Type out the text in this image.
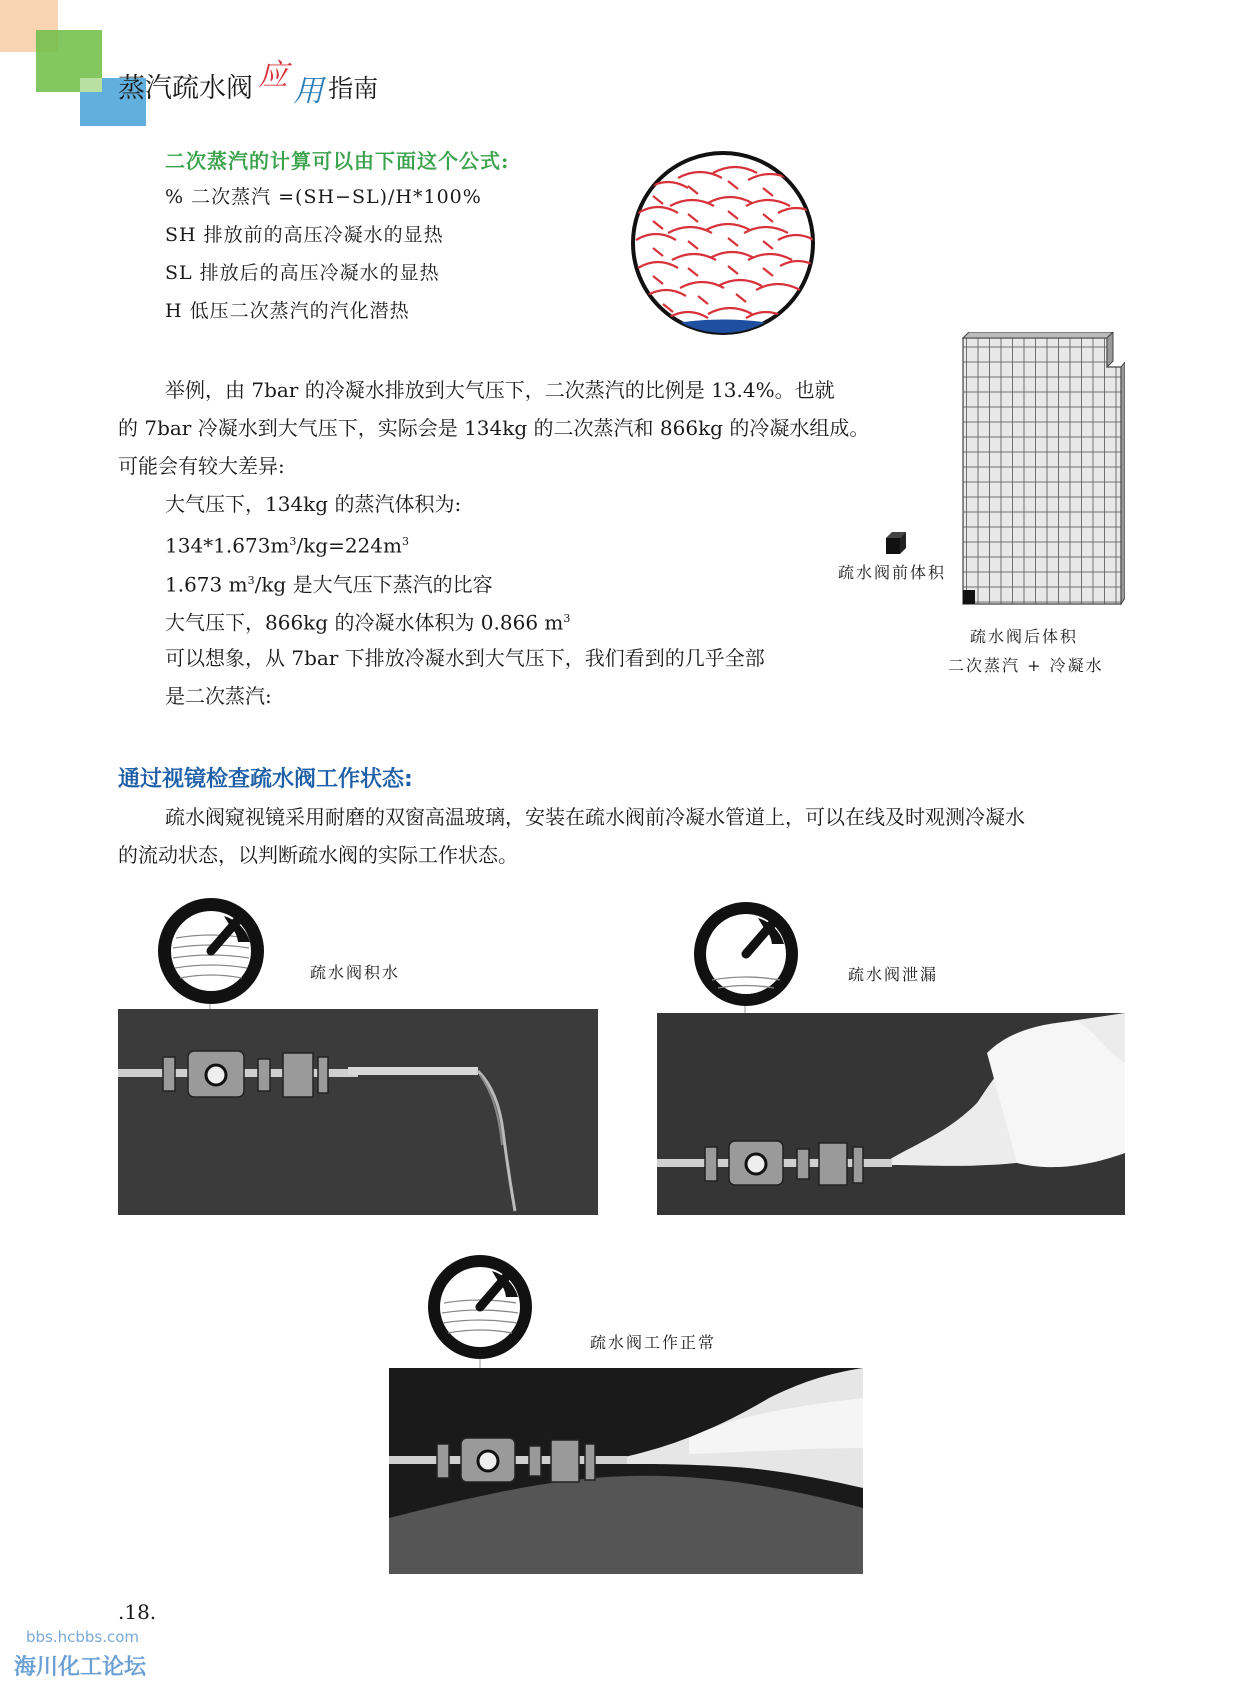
蒸汽疏水阀 应 用 指南
二次蒸汽的计算可以由下面这个公式:
% 二次蒸汽 =(SH−SL)/H*100%
SH 排放前的高压冷凝水的显热
SL 排放后的高压冷凝水的显热
H 低压二次蒸汽的汽化潜热
举例，由 7bar 的冷凝水排放到大气压下，二次蒸汽的比例是 13.4%。也就
的 7bar 冷凝水到大气压下，实际会是 134kg 的二次蒸汽和 866kg 的冷凝水组成。
可能会有较大差异:
大气压下，134kg 的蒸汽体积为:
$134*1.673m^3/kg=224m^3$
1.673 $m^3/kg$ 是大气压下蒸汽的比容
大气压下，866kg 的冷凝水体积为 0.866 $m^3$
可以想象，从 7bar 下排放冷凝水到大气压下，我们看到的几乎全部
是二次蒸汽:
疏水阀前体积
疏水阀后体积
二次蒸汽 + 冷凝水
通过视镜检查疏水阀工作状态:
疏水阀窥视镜采用耐磨的双窗高温玻璃，安装在疏水阀前冷凝水管道上，可以在线及时观测冷凝水
的流动状态，以判断疏水阀的实际工作状态。
疏水阀积水	疏水阀泄漏
疏水阀工作正常
.18.
bbs.hcbbs.com
海川化工论坛
